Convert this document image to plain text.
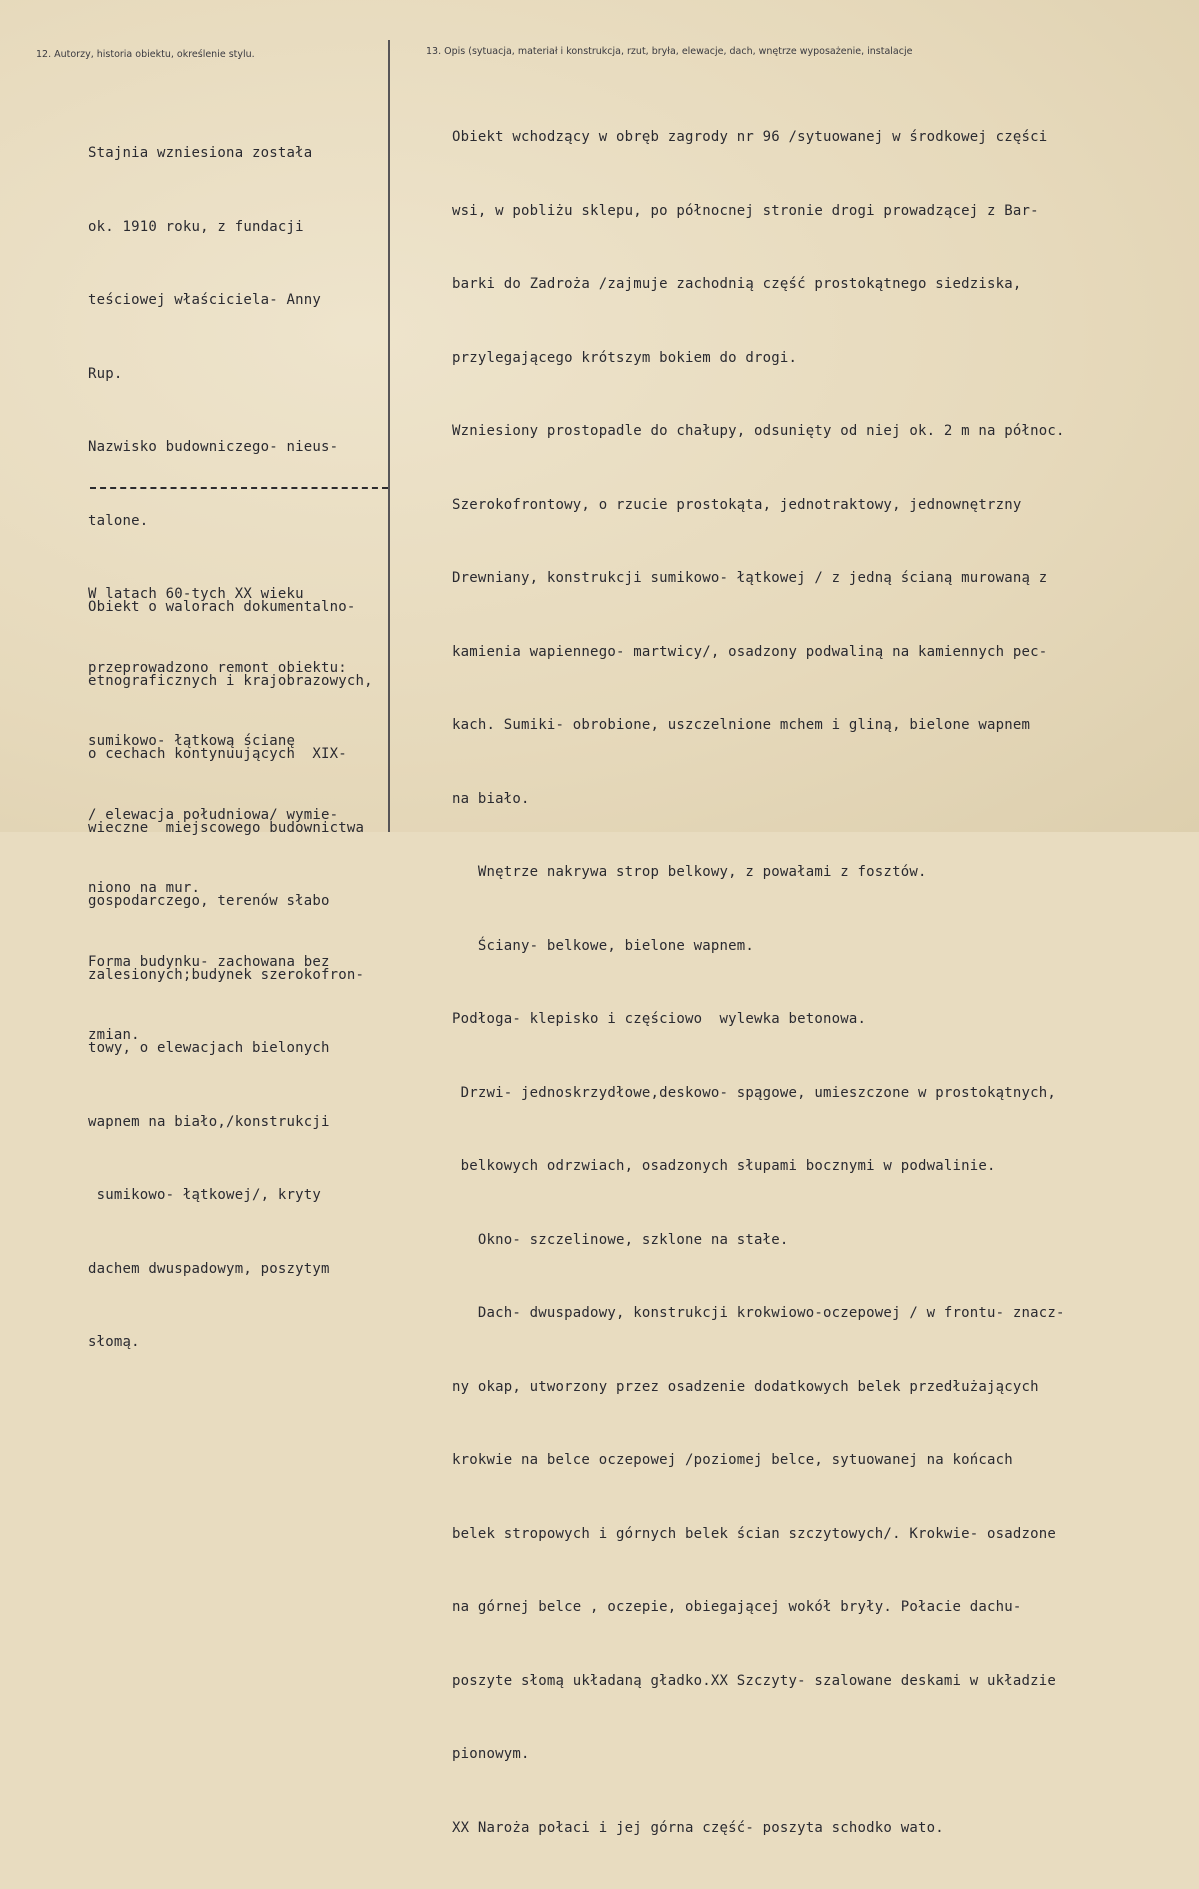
12. Autorzy, historia obiektu, określenie stylu.	13. Opis (sytuacja, materiał i konstrukcja, rzut, bryła, elewacje, dach, wnętrze wyposażenie, instalacje

Stajnia wzniesiona została

ok. 1910 roku, z fundacji

teściowej właściciela- Anny

Rup.

Nazwisko budowniczego- nieus-

talone.

W latach 60-tych XX wieku

przeprowadzono remont obiektu:

sumikowo- łątkową ścianę

/ elewacja południowa/ wymie-

niono na mur.

Forma budynku- zachowana bez

zmian.

Obiekt o walorach dokumentalno-

etnograficznych i krajobrazowych,

o cechach kontynuujących  XIX-

wieczne  miejscowego budownictwa

gospodarczego, terenów słabo

zalesionych;budynek szerokofron-

towy, o elewacjach bielonych

wapnem na biało,/konstrukcji

sumikowo- łątkowej/, kryty

dachem dwuspadowym, poszytym

słomą.

Obiekt wchodzący w obręb zagrody nr 96 /sytuowanej w środkowej części

wsi, w pobliżu sklepu, po północnej stronie drogi prowadzącej z Bar-

barki do Zadroża /zajmuje zachodnią część prostokątnego siedziska,

przylegającego krótszym bokiem do drogi.

Wzniesiony prostopadle do chałupy, odsunięty od niej ok. 2 m na północ.

Szerokofrontowy, o rzucie prostokąta, jednotraktowy, jednownętrzny

Drewniany, konstrukcji sumikowo- łątkowej / z jedną ścianą murowaną z

kamienia wapiennego- martwicy/, osadzony podwaliną na kamiennych pec-

kach. Sumiki- obrobione, uszczelnione mchem i gliną, bielone wapnem

na biało.

Wnętrze nakrywa strop belkowy, z powałami z fosztów.

Ściany- belkowe, bielone wapnem.

Podłoga- klepisko i częściowo  wylewka betonowa.

Drzwi- jednoskrzydłowe,deskowo- spągowe, umieszczone w prostokątnych,

belkowych odrzwiach, osadzonych słupami bocznymi w podwalinie.

Okno- szczelinowe, szklone na stałe.

Dach- dwuspadowy, konstrukcji krokwiowo-oczepowej / w frontu- znacz-

ny okap, utworzony przez osadzenie dodatkowych belek przedłużających

krokwie na belce oczepowej /poziomej belce, sytuowanej na końcach

belek stropowych i górnych belek ścian szczytowych/. Krokwie- osadzone

na górnej belce , oczepie, obiegającej wokół bryły. Połacie dachu-

poszyte słomą układaną gładko.XX Szczyty- szalowane deskami w układzie

pionowym.

XX Naroża połaci i jej górna część- poszyta schodko wato.
